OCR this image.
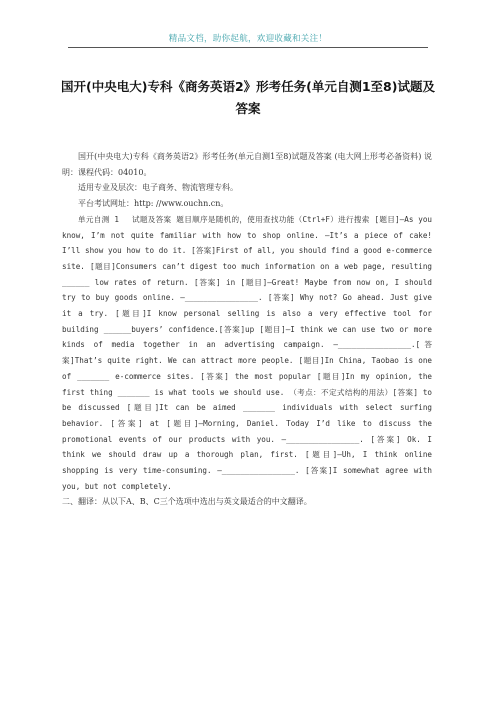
精品文档，助你起航，欢迎收藏和关注！
国开(中央电大)专科《商务英语2》形考任务(单元自测1至8)试题及答案

国开(中央电大)专科《商务英语2》形考任务(单元自测1至8)试题及答案 (电大网上形考必备资料) 说明：课程代码：04010。

适用专业及层次：电子商务、物流管理专科。

平台考试网址：http: //www.ouchn.cn。

单元自测 1　 试题及答案 题目顺序是随机的，使用查找功能（Ctrl+F）进行搜索 [题目]—As you know, I’m not quite familiar with how to shop online. —It’s a piece of cake! I’ll show you how to do it. [答案]First of all, you should find a good e-commerce site. [题目]Consumers can’t digest too much information on a web page, resulting ______ low rates of return. [答案] in [题目]—Great! Maybe from now on, I should try to buy goods online. —________________. [答案] Why not? Go ahead. Just give it a try. [题目]I know personal selling is also a very effective tool for building ______buyers’ confidence.[答案]up [题目]—I think we can use two or more kinds of media together in an advertising campaign. —________________.[答案]That’s quite right. We can attract more people. [题目]In China, Taobao is one of _______ e-commerce sites. [答案] the most popular [题目]In my opinion, the first thing _______ is what tools we should use. （考点：不定式结构的用法）[答案] to be discussed [题目]It can be aimed _______ individuals with select surfing behavior. [答案] at [题目]—Morning, Daniel. Today I’d like to discuss the promotional events of our products with you. —________________. [答案] Ok. I think we should draw up a thorough plan, first. [题目]—Uh, I think online shopping is very time-consuming. —________________. [答案]I somewhat agree with you, but not completely.

二、翻译：从以下A、B、C三个选项中选出与英文最适合的中文翻译。
